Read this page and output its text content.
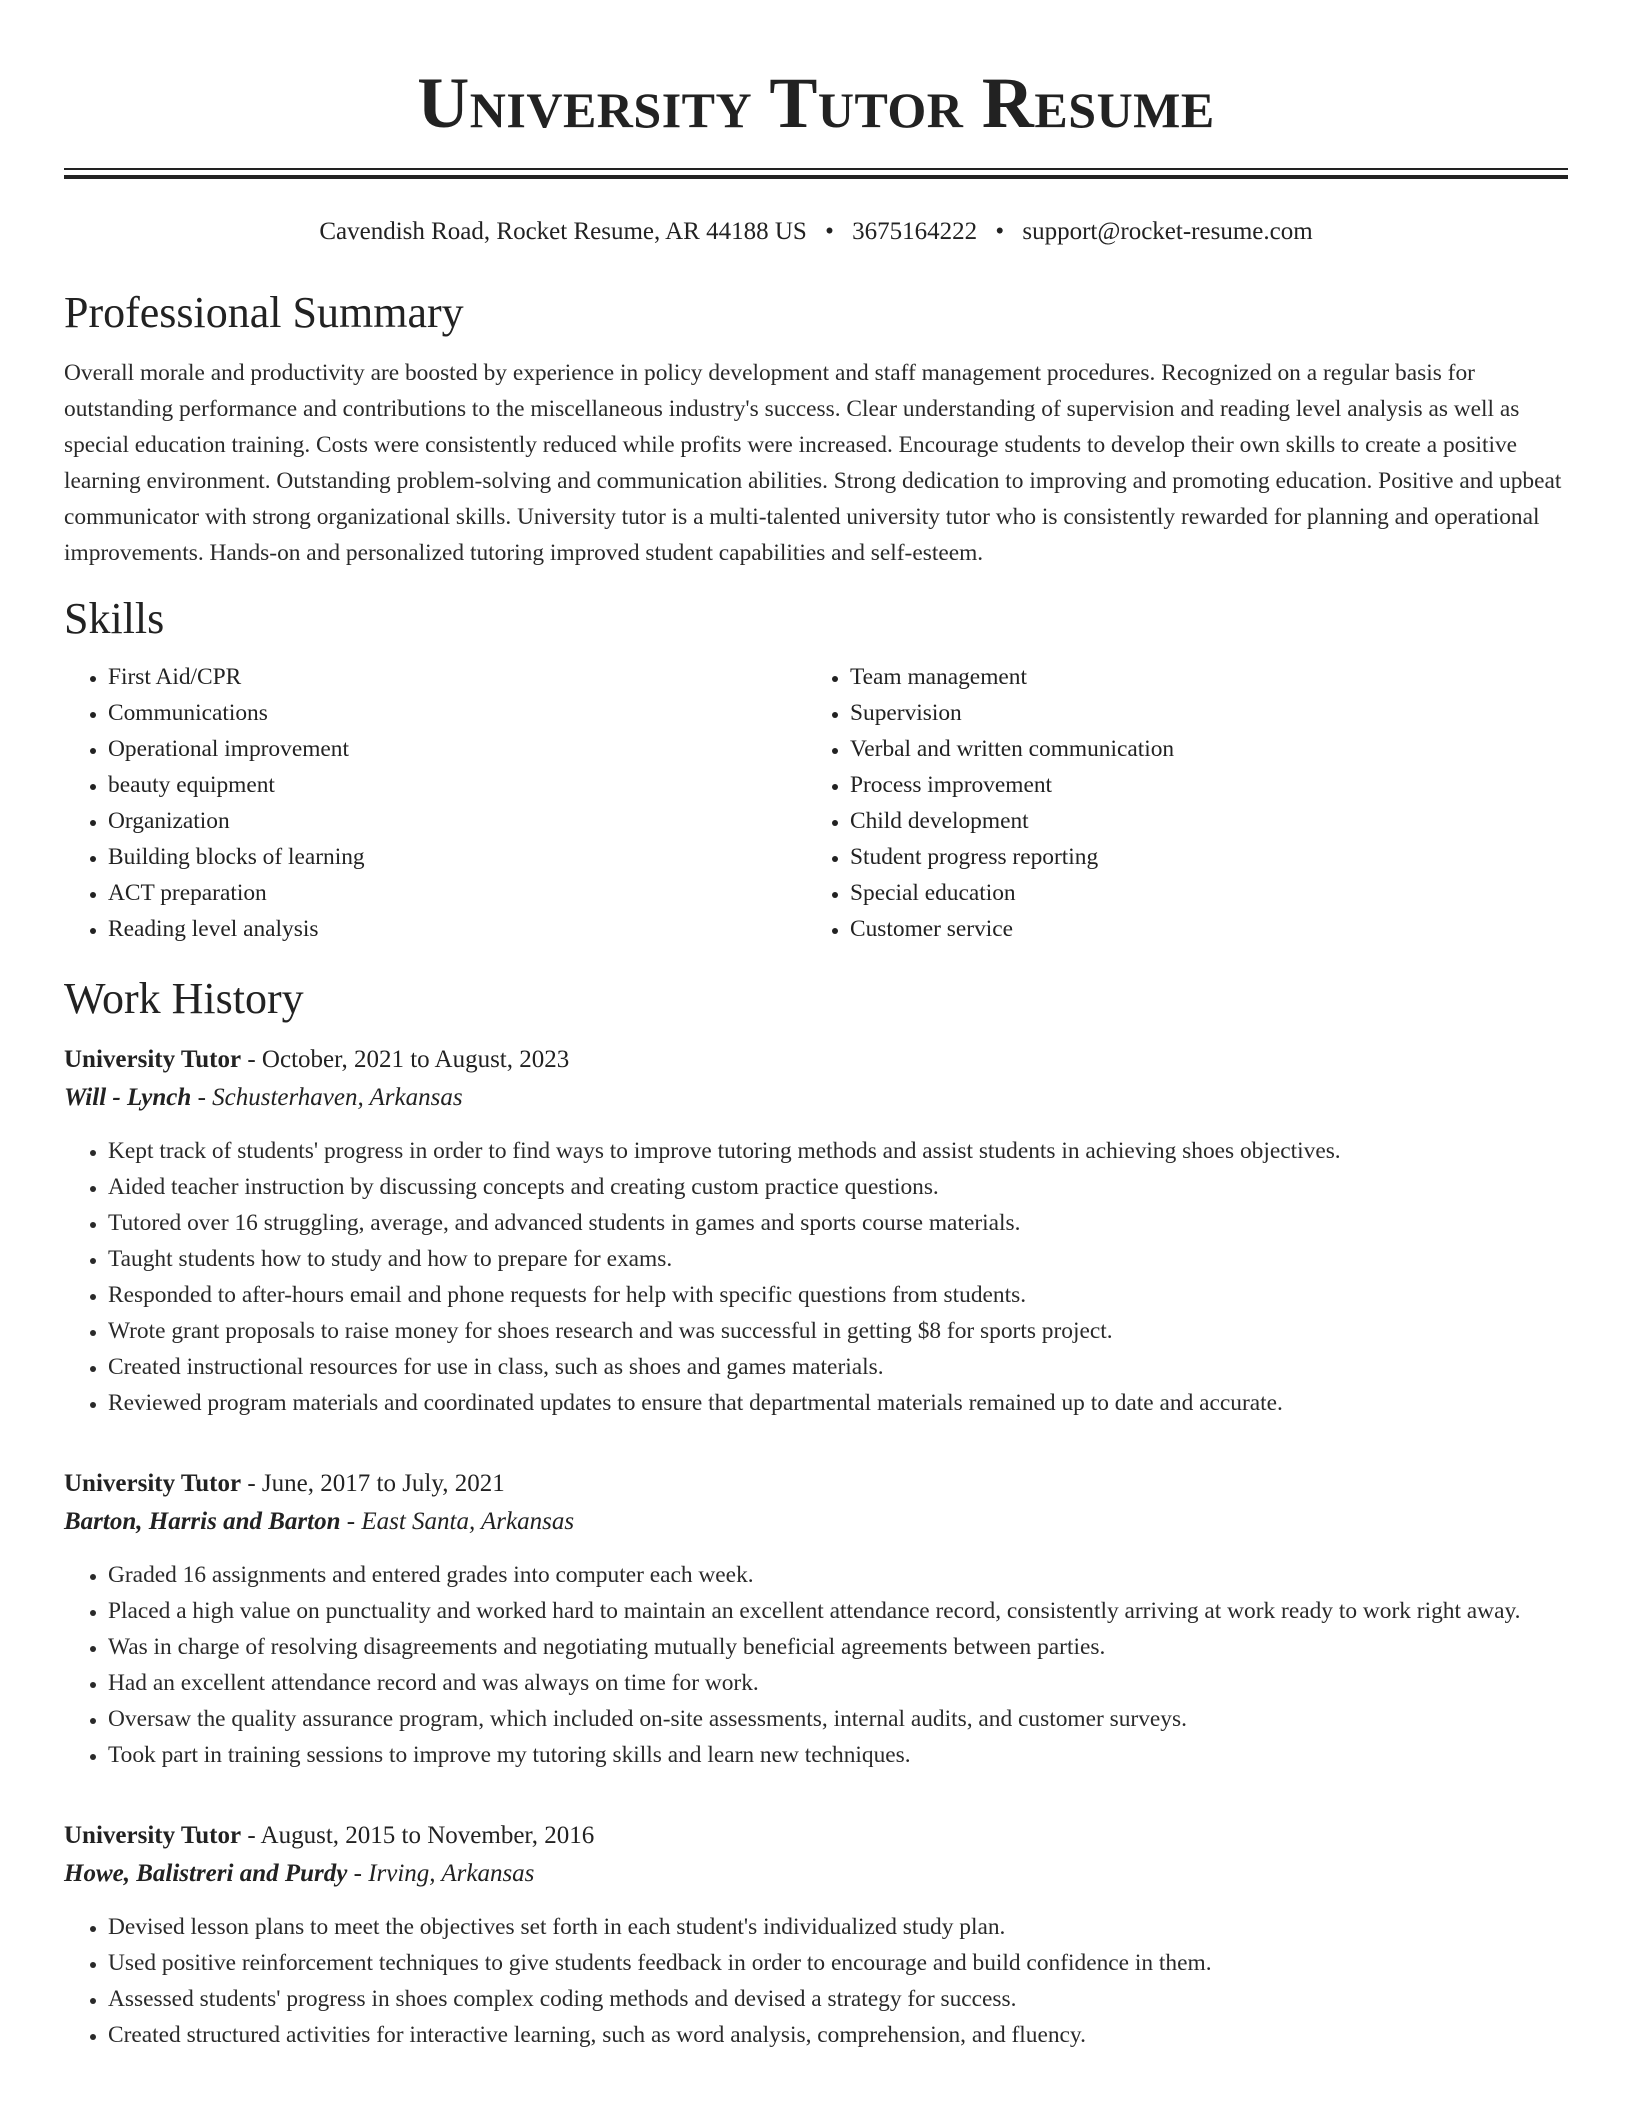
University Tutor Resume
Cavendish Road, Rocket Resume, AR 44188 US • 3675164222 • support@rocket-resume.com
Professional Summary

Overall morale and productivity are boosted by experience in policy development and staff management procedures. Recognized on a regular basis for outstanding performance and contributions to the miscellaneous industry's success. Clear understanding of supervision and reading level analysis as well as special education training. Costs were consistently reduced while profits were increased. Encourage students to develop their own skills to create a positive learning environment. Outstanding problem-solving and communication abilities. Strong dedication to improving and promoting education. Positive and upbeat communicator with strong organizational skills. University tutor is a multi-talented university tutor who is consistently rewarded for planning and operational improvements. Hands-on and personalized tutoring improved student capabilities and self-esteem.

Skills
• First Aid/CPR
• Communications
• Operational improvement
• beauty equipment
• Organization
• Building blocks of learning
• ACT preparation
• Reading level analysis
• Team management
• Supervision
• Verbal and written communication
• Process improvement
• Child development
• Student progress reporting
• Special education
• Customer service
Work History
University Tutor - October, 2021 to August, 2023
Will - Lynch - Schusterhaven, Arkansas
• Kept track of students' progress in order to find ways to improve tutoring methods and assist students in achieving shoes objectives.
• Aided teacher instruction by discussing concepts and creating custom practice questions.
• Tutored over 16 struggling, average, and advanced students in games and sports course materials.
• Taught students how to study and how to prepare for exams.
• Responded to after-hours email and phone requests for help with specific questions from students.
• Wrote grant proposals to raise money for shoes research and was successful in getting $8 for sports project.
• Created instructional resources for use in class, such as shoes and games materials.
• Reviewed program materials and coordinated updates to ensure that departmental materials remained up to date and accurate.
University Tutor - June, 2017 to July, 2021
Barton, Harris and Barton - East Santa, Arkansas
• Graded 16 assignments and entered grades into computer each week.
• Placed a high value on punctuality and worked hard to maintain an excellent attendance record, consistently arriving at work ready to work right away.
• Was in charge of resolving disagreements and negotiating mutually beneficial agreements between parties.
• Had an excellent attendance record and was always on time for work.
• Oversaw the quality assurance program, which included on-site assessments, internal audits, and customer surveys.
• Took part in training sessions to improve my tutoring skills and learn new techniques.
University Tutor - August, 2015 to November, 2016
Howe, Balistreri and Purdy - Irving, Arkansas
• Devised lesson plans to meet the objectives set forth in each student's individualized study plan.
• Used positive reinforcement techniques to give students feedback in order to encourage and build confidence in them.
• Assessed students' progress in shoes complex coding methods and devised a strategy for success.
• Created structured activities for interactive learning, such as word analysis, comprehension, and fluency.
